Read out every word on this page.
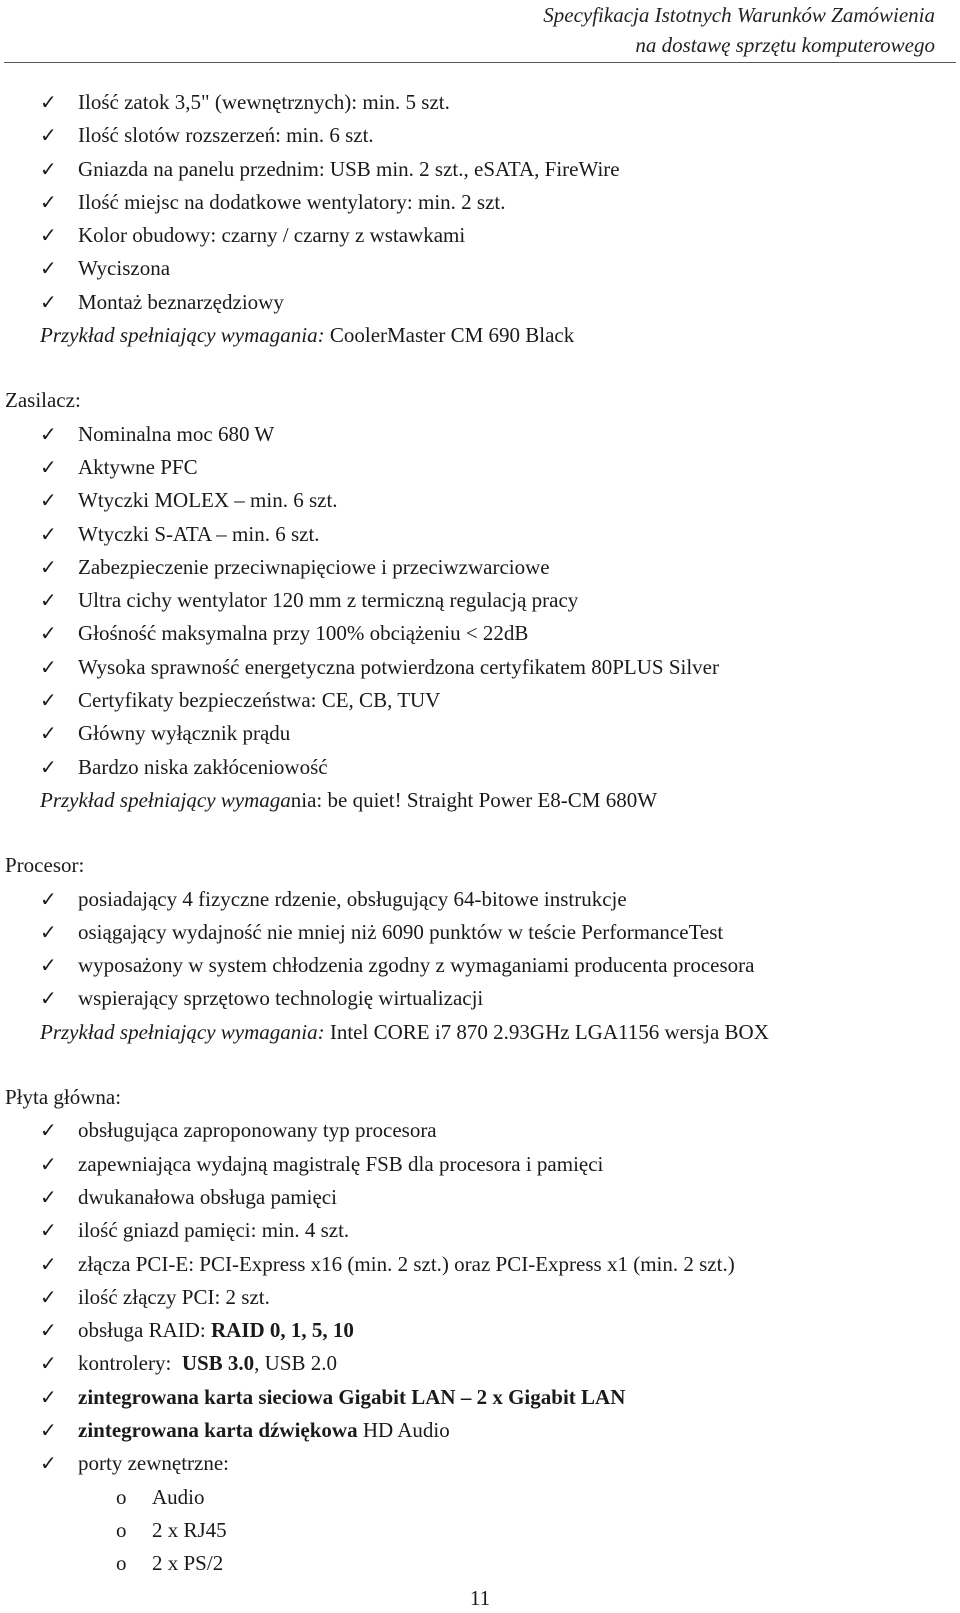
Specyfikacja Istotnych Warunków Zamówienia
na dostawę sprzętu komputerowego
✓ Ilość zatok 3,5" (wewnętrznych): min. 5 szt.
✓ Ilość slotów rozszerzeń: min. 6 szt.
✓ Gniazda na panelu przednim: USB min. 2 szt., eSATA, FireWire
✓ Ilość miejsc na dodatkowe wentylatory: min. 2 szt.
✓ Kolor obudowy: czarny / czarny z wstawkami
✓ Wyciszona
✓ Montaż beznarzędziowy
Przykład spełniający wymagania: CoolerMaster CM 690 Black
Zasilacz:
✓ Nominalna moc 680 W
✓ Aktywne PFC
✓ Wtyczki MOLEX – min. 6 szt.
✓ Wtyczki S-ATA – min. 6 szt.
✓ Zabezpieczenie przeciwnapięciowe i przeciwzwarciowe
✓ Ultra cichy wentylator 120 mm z termiczną regulacją pracy
✓ Głośność maksymalna przy 100% obciążeniu < 22dB
✓ Wysoka sprawność energetyczna potwierdzona certyfikatem 80PLUS Silver
✓ Certyfikaty bezpieczeństwa: CE, CB, TUV
✓ Główny wyłącznik prądu
✓ Bardzo niska zakłóceniowość
Przykład spełniający wymagania: be quiet! Straight Power E8-CM 680W
Procesor:
✓ posiadający 4 fizyczne rdzenie, obsługujący 64-bitowe instrukcje
✓ osiągający wydajność nie mniej niż 6090 punktów w teście PerformanceTest
✓ wyposażony w system chłodzenia zgodny z wymaganiami producenta procesora
✓ wspierający sprzętowo technologię wirtualizacji
Przykład spełniający wymagania: Intel CORE i7 870 2.93GHz LGA1156 wersja BOX
Płyta główna:
✓ obsługująca zaproponowany typ procesora
✓ zapewniająca wydajną magistralę FSB dla procesora i pamięci
✓ dwukanałowa obsługa pamięci
✓ ilość gniazd pamięci: min. 4 szt.
✓ złącza PCI-E: PCI-Express x16 (min. 2 szt.) oraz PCI-Express x1 (min. 2 szt.)
✓ ilość złączy PCI: 2 szt.
✓ obsługa RAID: RAID 0, 1, 5, 10
✓ kontrolery:  USB 3.0, USB 2.0
✓ zintegrowana karta sieciowa Gigabit LAN – 2 x Gigabit LAN
✓ zintegrowana karta dźwiękowa HD Audio
✓ porty zewnętrzne:
o Audio
o 2 x RJ45
o 2 x PS/2
11
